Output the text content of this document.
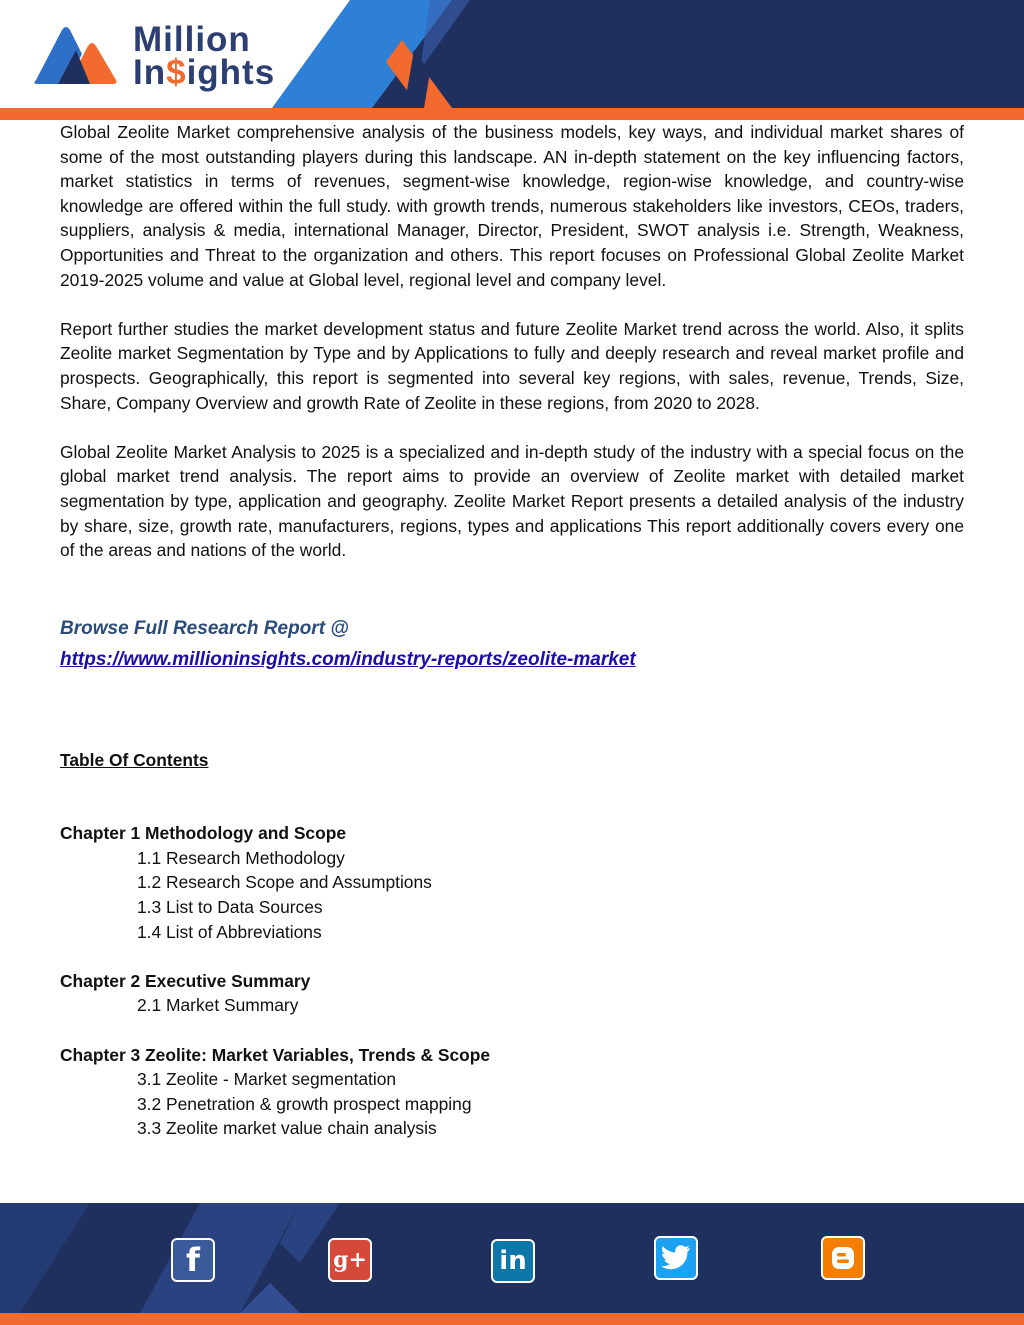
Million
In$ights

Global Zeolite Market comprehensive analysis of the business models, key ways, and individual market shares of some of the most outstanding players during this landscape. AN in-depth statement on the key influencing factors, market statistics in terms of revenues, segment-wise knowledge, region-wise knowledge, and country-wise knowledge are offered within the full study. with growth trends, numerous stakeholders like investors, CEOs, traders, suppliers, analysis & media, international Manager, Director, President, SWOT analysis i.e. Strength, Weakness, Opportunities and Threat to the organization and others. This report focuses on Professional Global Zeolite Market 2019-2025 volume and value at Global level, regional level and company level.

Report further studies the market development status and future Zeolite Market trend across the world. Also, it splits Zeolite market Segmentation by Type and by Applications to fully and deeply research and reveal market profile and prospects. Geographically, this report is segmented into several key regions, with sales, revenue, Trends, Size, Share, Company Overview and growth Rate of Zeolite in these regions, from 2020 to 2028.

Global Zeolite Market Analysis to 2025 is a specialized and in-depth study of the industry with a special focus on the global market trend analysis. The report aims to provide an overview of Zeolite market with detailed market segmentation by type, application and geography. Zeolite Market Report presents a detailed analysis of the industry by share, size, growth rate, manufacturers, regions, types and applications This report additionally covers every one of the areas and nations of the world.

Browse Full Research Report @
https://www.millioninsights.com/industry-reports/zeolite-market
Table Of Contents
Chapter 1 Methodology and Scope
1.1 Research Methodology
1.2 Research Scope and Assumptions
1.3 List to Data Sources
1.4 List of Abbreviations
Chapter 2 Executive Summary
2.1 Market Summary
Chapter 3 Zeolite: Market Variables, Trends & Scope
3.1 Zeolite - Market segmentation
3.2 Penetration & growth prospect mapping
3.3 Zeolite market value chain analysis
f	g+	in
